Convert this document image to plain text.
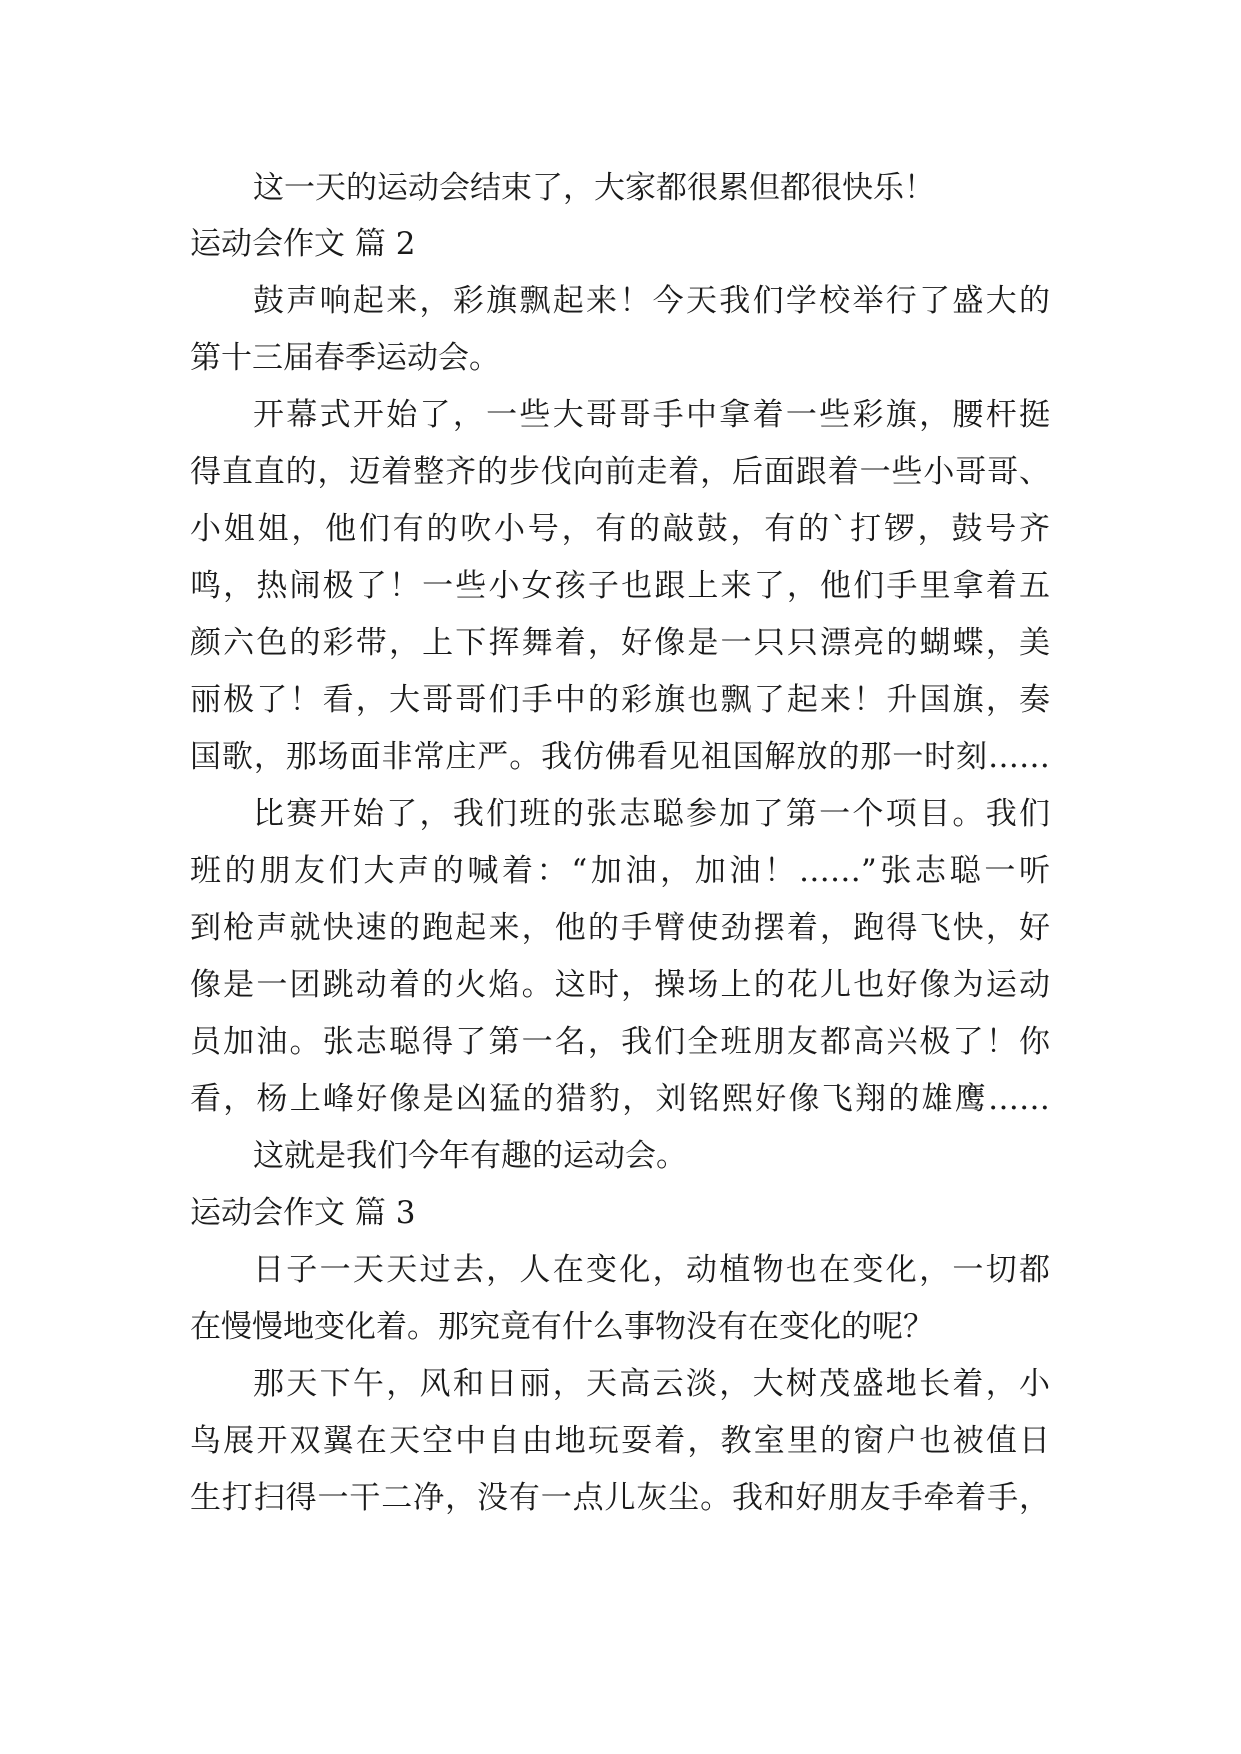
这一天的运动会结束了，大家都很累但都很快乐！
运动会作文 篇 2
鼓声响起来，彩旗飘起来！今天我们学校举行了盛大的
第十三届春季运动会。
开幕式开始了，一些大哥哥手中拿着一些彩旗，腰杆挺
得直直的，迈着整齐的步伐向前走着，后面跟着一些小哥哥、
小姐姐，他们有的吹小号，有的敲鼓，有的`打锣，鼓号齐
鸣，热闹极了！一些小女孩子也跟上来了，他们手里拿着五
颜六色的彩带，上下挥舞着，好像是一只只漂亮的蝴蝶，美
丽极了！看，大哥哥们手中的彩旗也飘了起来！升国旗，奏
国歌，那场面非常庄严。我仿佛看见祖国解放的那一时刻……
比赛开始了，我们班的张志聪参加了第一个项目。我们
班的朋友们大声的喊着：“加油，加油！……”张志聪一听
到枪声就快速的跑起来，他的手臂使劲摆着，跑得飞快，好
像是一团跳动着的火焰。这时，操场上的花儿也好像为运动
员加油。张志聪得了第一名，我们全班朋友都高兴极了！你
看，杨上峰好像是凶猛的猎豹，刘铭熙好像飞翔的雄鹰……
这就是我们今年有趣的运动会。
运动会作文 篇 3
日子一天天过去，人在变化，动植物也在变化，一切都
在慢慢地变化着。那究竟有什么事物没有在变化的呢？
那天下午，风和日丽，天高云淡，大树茂盛地长着，小
鸟展开双翼在天空中自由地玩耍着，教室里的窗户也被值日
生打扫得一干二净，没有一点儿灰尘。我和好朋友手牵着手，
